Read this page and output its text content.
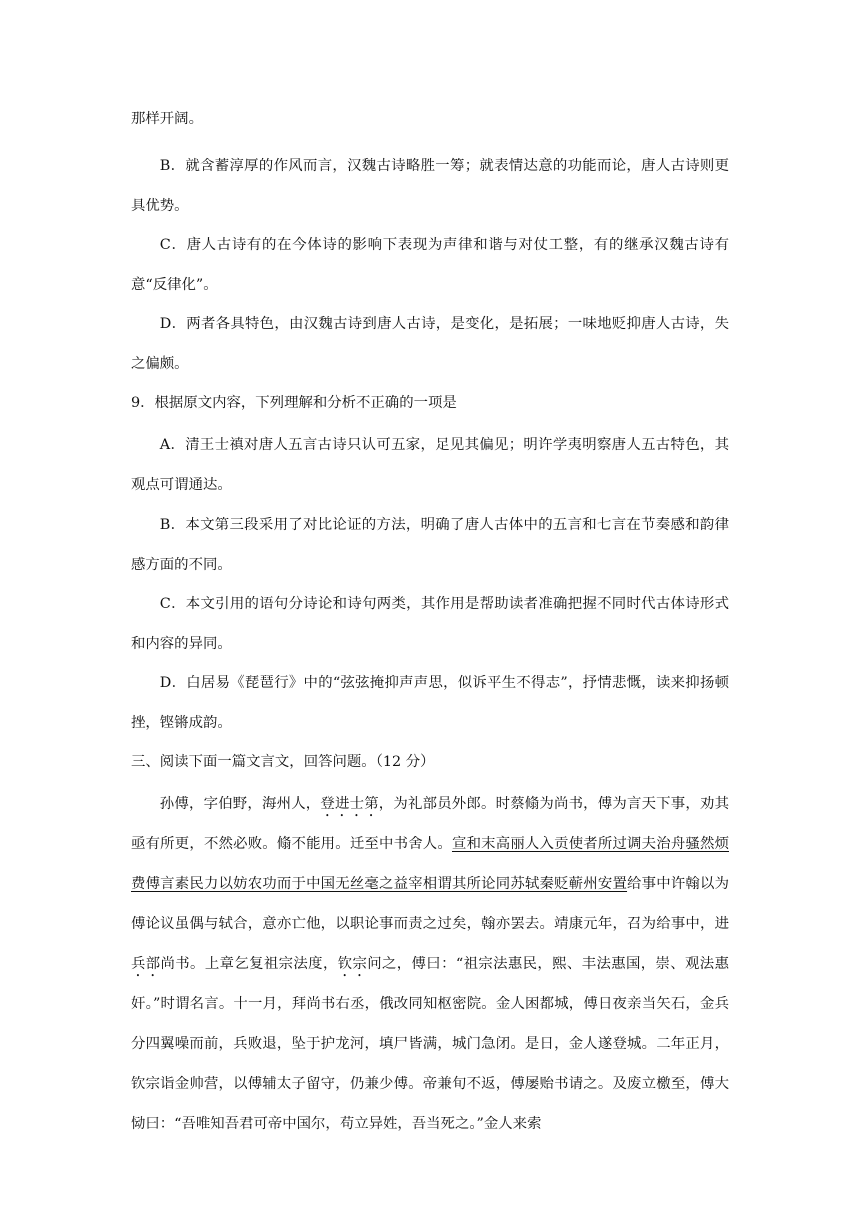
那样开阔。

B．就含蓄淳厚的作风而言，汉魏古诗略胜一筹；就表情达意的功能而论，唐人古诗则更具优势。

C．唐人古诗有的在今体诗的影响下表现为声律和谐与对仗工整，有的继承汉魏古诗有意“反律化”。

D．两者各具特色，由汉魏古诗到唐人古诗，是变化，是拓展；一味地贬抑唐人古诗，失之偏颇。

9．根据原文内容，下列理解和分析不正确的一项是

A．清王士禛对唐人五言古诗只认可五家，足见其偏见；明许学夷明察唐人五古特色，其观点可谓通达。

B．本文第三段采用了对比论证的方法，明确了唐人古体中的五言和七言在节奏感和韵律感方面的不同。

C．本文引用的语句分诗论和诗句两类，其作用是帮助读者准确把握不同时代古体诗形式和内容的异同。

D．白居易《琵琶行》中的“弦弦掩抑声声思，似诉平生不得志”，抒情悲慨，读来抑扬顿挫，铿锵成韵。

三、阅读下面一篇文言文，回答问题。（12 分）

孙傅，字伯野，海州人，登进士第，为礼部员外郎。时蔡翛为尚书，傅为言天下事，劝其亟有所更，不然必败。翛不能用。迁至中书舍人。宣和末高丽人入贡使者所过调夫治舟骚然烦费傅言素民力以妨农功而于中国无丝毫之益宰相谓其所论同苏轼秦贬蕲州安置给事中许翰以为傅论议虽偶与轼合，意亦亡他，以职论事而责之过矣，翰亦罢去。靖康元年，召为给事中，进兵部尚书。上章乞复祖宗法度，钦宗问之，傅曰：“祖宗法惠民，熙、丰法惠国，崇、观法惠奸。”时谓名言。十一月，拜尚书右丞，俄改同知枢密院。金人困都城，傅日夜亲当矢石，金兵分四翼噪而前，兵败退，坠于护龙河，填尸皆满，城门急闭。是日，金人遂登城。二年正月，钦宗诣金帅营，以傅辅太子留守，仍兼少傅。帝兼旬不返，傅屡贻书请之。及废立檄至，傅大恸曰：“吾唯知吾君可帝中国尔，苟立异姓，吾当死之。”金人来索
